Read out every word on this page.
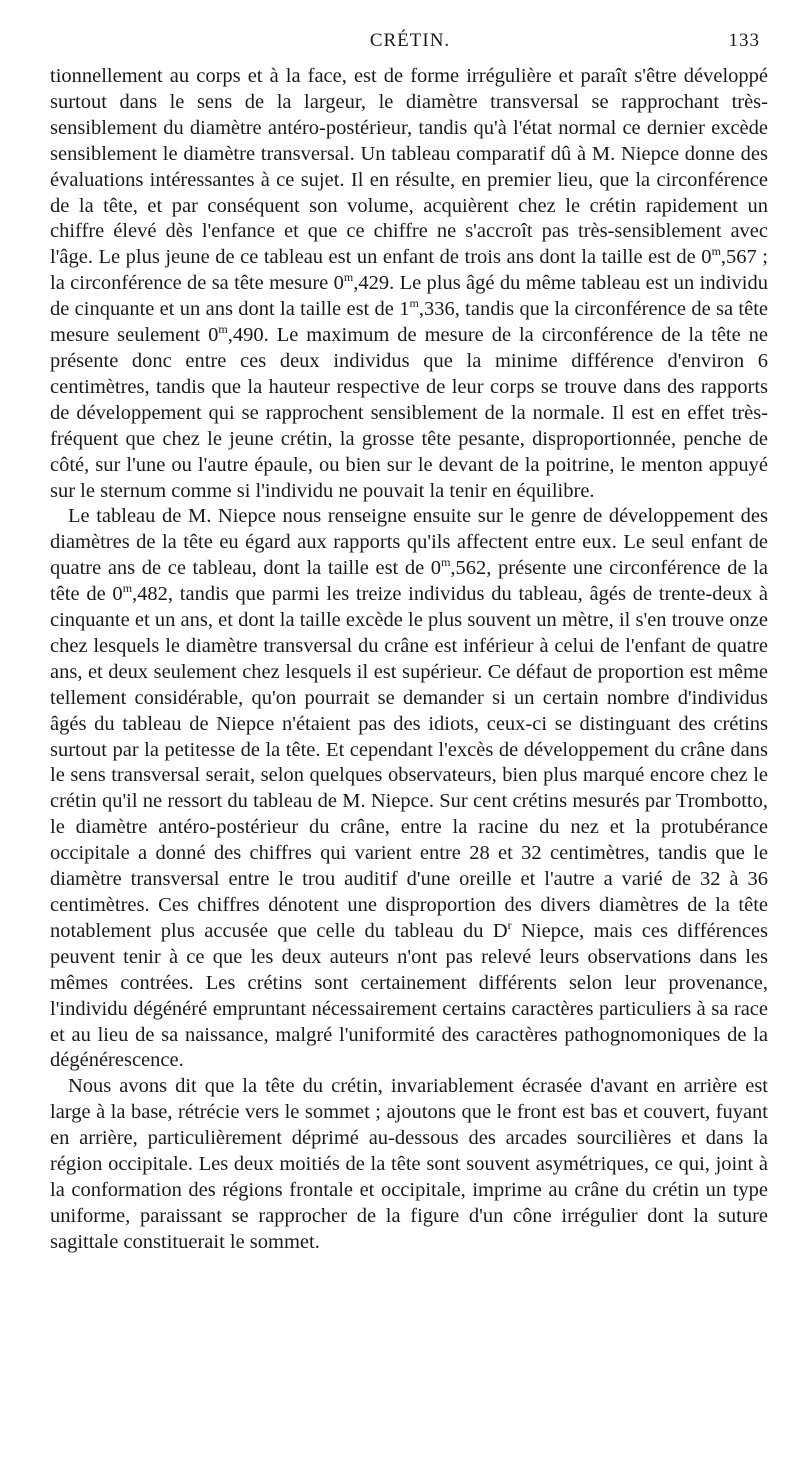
CRÉTIN.	133

tionnellement au corps et à la face, est de forme irrégulière et paraît s'être développé surtout dans le sens de la largeur, le diamètre transversal se rapprochant très-sensiblement du diamètre antéro-postérieur, tandis qu'à l'état normal ce dernier excède sensiblement le diamètre transversal. Un tableau comparatif dû à M. Niepce donne des évaluations intéressantes à ce sujet. Il en résulte, en premier lieu, que la circonférence de la tête, et par conséquent son volume, acquièrent chez le crétin rapidement un chiffre élevé dès l'enfance et que ce chiffre ne s'accroît pas très-sensiblement avec l'âge. Le plus jeune de ce tableau est un enfant de trois ans dont la taille est de 0$^m$,567 ; la circonférence de sa tête mesure 0$^m$,429. Le plus âgé du même tableau est un individu de cinquante et un ans dont la taille est de 1$^m$,336, tandis que la circonférence de sa tête mesure seulement 0$^m$,490. Le maximum de mesure de la circonférence de la tête ne présente donc entre ces deux individus que la minime différence d'environ 6 centimètres, tandis que la hauteur respective de leur corps se trouve dans des rapports de développement qui se rapprochent sensiblement de la normale. Il est en effet très-fréquent que chez le jeune crétin, la grosse tête pesante, disproportionnée, penche de côté, sur l'une ou l'autre épaule, ou bien sur le devant de la poitrine, le menton appuyé sur le sternum comme si l'individu ne pouvait la tenir en équilibre.

Le tableau de M. Niepce nous renseigne ensuite sur le genre de développement des diamètres de la tête eu égard aux rapports qu'ils affectent entre eux. Le seul enfant de quatre ans de ce tableau, dont la taille est de 0$^m$,562, présente une circonférence de la tête de 0$^m$,482, tandis que parmi les treize individus du tableau, âgés de trente-deux à cinquante et un ans, et dont la taille excède le plus souvent un mètre, il s'en trouve onze chez lesquels le diamètre transversal du crâne est inférieur à celui de l'enfant de quatre ans, et deux seulement chez lesquels il est supérieur. Ce défaut de proportion est même tellement considérable, qu'on pourrait se demander si un certain nombre d'individus âgés du tableau de Niepce n'étaient pas des idiots, ceux-ci se distinguant des crétins surtout par la petitesse de la tête. Et cependant l'excès de développement du crâne dans le sens transversal serait, selon quelques observateurs, bien plus marqué encore chez le crétin qu'il ne ressort du tableau de M. Niepce. Sur cent crétins mesurés par Trombotto, le diamètre antéro-postérieur du crâne, entre la racine du nez et la protubérance occipitale a donné des chiffres qui varient entre 28 et 32 centimètres, tandis que le diamètre transversal entre le trou auditif d'une oreille et l'autre a varié de 32 à 36 centimètres. Ces chiffres dénotent une disproportion des divers diamètres de la tête notablement plus accusée que celle du tableau du $D^r$ Niepce, mais ces différences peuvent tenir à ce que les deux auteurs n'ont pas relevé leurs observations dans les mêmes contrées. Les crétins sont certainement différents selon leur provenance, l'individu dégénéré empruntant nécessairement certains caractères particuliers à sa race et au lieu de sa naissance, malgré l'uniformité des caractères pathognomoniques de la dégénérescence.

Nous avons dit que la tête du crétin, invariablement écrasée d'avant en arrière est large à la base, rétrécie vers le sommet ; ajoutons que le front est bas et couvert, fuyant en arrière, particulièrement déprimé au-dessous des arcades sourcilières et dans la région occipitale. Les deux moitiés de la tête sont souvent asymétriques, ce qui, joint à la conformation des régions frontale et occipitale, imprime au crâne du crétin un type uniforme, paraissant se rapprocher de la figure d'un cône irrégulier dont la suture sagittale constituerait le sommet.
